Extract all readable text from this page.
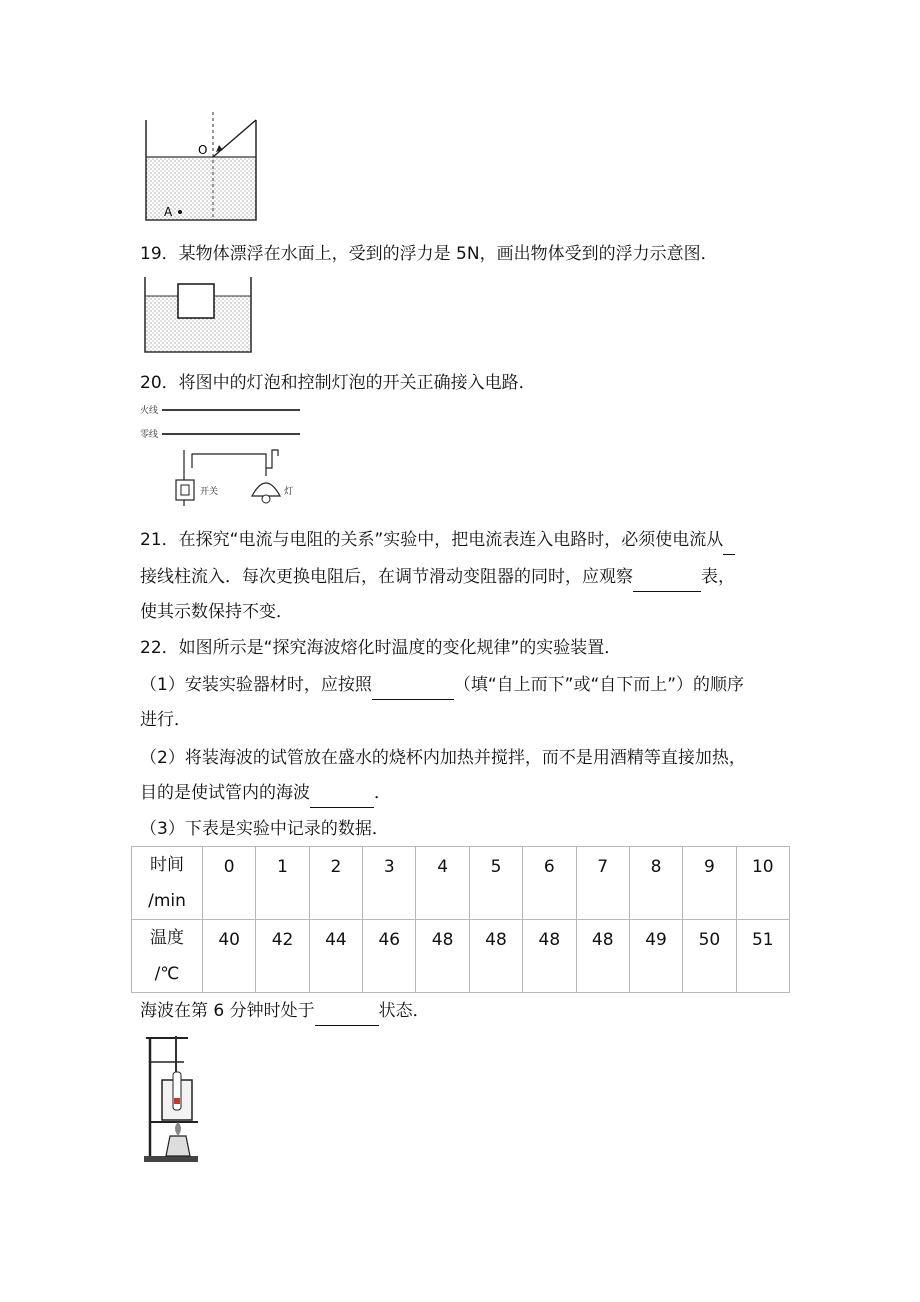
O
A
19．某物体漂浮在水面上，受到的浮力是 5N，画出物体受到的浮力示意图．
20．将图中的灯泡和控制灯泡的开关正确接入电路．
火线
零线
开关	灯
21．在探究“电流与电阻的关系”实验中，把电流表连入电路时，必须使电流从
接线柱流入．每次更换电阻后，在调节滑动变阻器的同时，应观察	表，
使其示数保持不变．
22．如图所示是“探究海波熔化时温度的变化规律”的实验装置．
（1）安装实验器材时，应按照	（填“自上而下”或“自下而上”）的顺序
进行．
（2）将装海波的试管放在盛水的烧杯内加热并搅拌，而不是用酒精等直接加热，
目的是使试管内的海波	．
（3）下表是实验中记录的数据．
时间
/min	0	1	2	3	4	5	6	7	8	9	10

温度
/℃	40	42	44	46	48	48	48	48	49	50	51
海波在第 6 分钟时处于	状态．
